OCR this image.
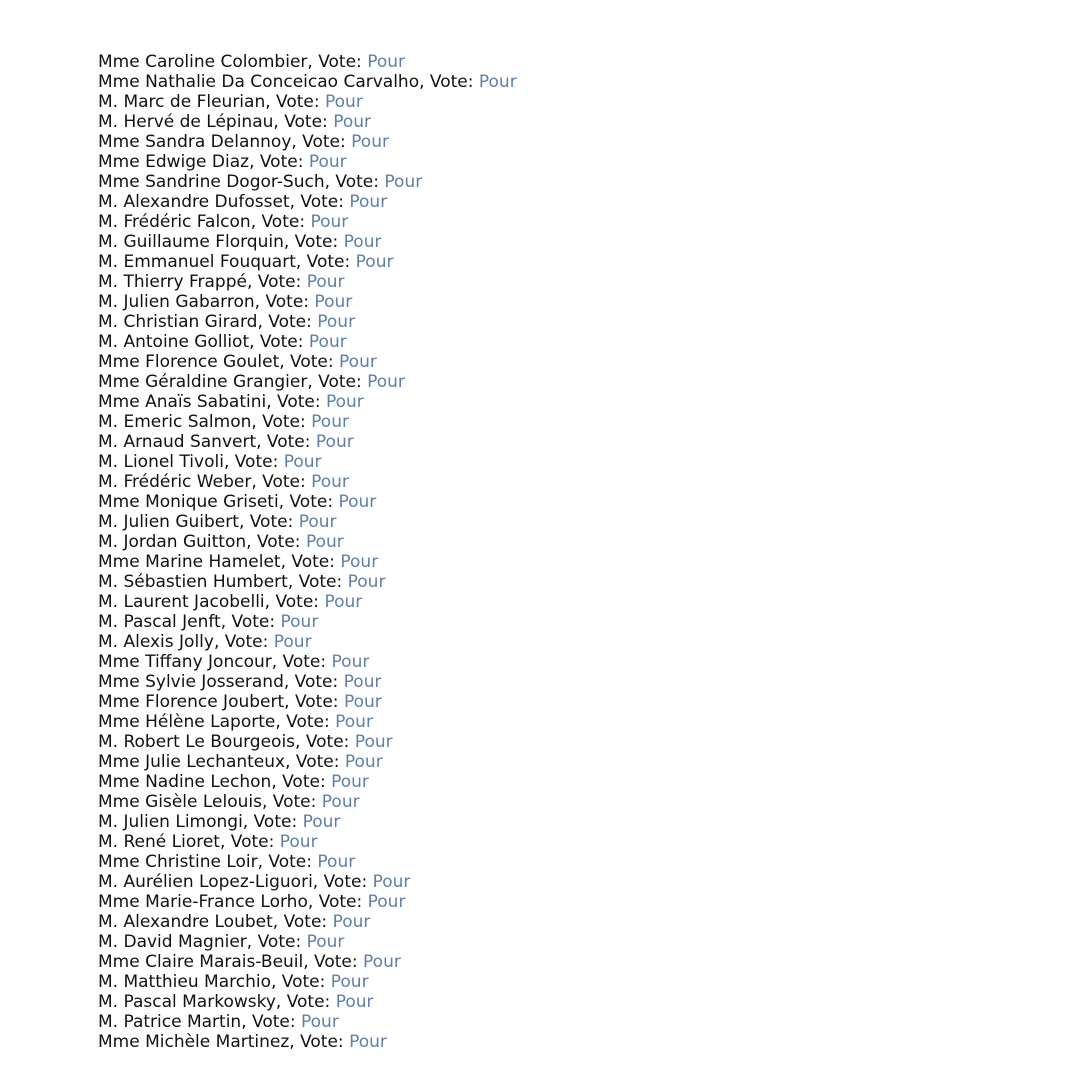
Mme Caroline Colombier, Vote: Pour
Mme Nathalie Da Conceicao Carvalho, Vote: Pour
M. Marc de Fleurian, Vote: Pour
M. Hervé de Lépinau, Vote: Pour
Mme Sandra Delannoy, Vote: Pour
Mme Edwige Diaz, Vote: Pour
Mme Sandrine Dogor-Such, Vote: Pour
M. Alexandre Dufosset, Vote: Pour
M. Frédéric Falcon, Vote: Pour
M. Guillaume Florquin, Vote: Pour
M. Emmanuel Fouquart, Vote: Pour
M. Thierry Frappé, Vote: Pour
M. Julien Gabarron, Vote: Pour
M. Christian Girard, Vote: Pour
M. Antoine Golliot, Vote: Pour
Mme Florence Goulet, Vote: Pour
Mme Géraldine Grangier, Vote: Pour
Mme Anaïs Sabatini, Vote: Pour
M. Emeric Salmon, Vote: Pour
M. Arnaud Sanvert, Vote: Pour
M. Lionel Tivoli, Vote: Pour
M. Frédéric Weber, Vote: Pour
Mme Monique Griseti, Vote: Pour
M. Julien Guibert, Vote: Pour
M. Jordan Guitton, Vote: Pour
Mme Marine Hamelet, Vote: Pour
M. Sébastien Humbert, Vote: Pour
M. Laurent Jacobelli, Vote: Pour
M. Pascal Jenft, Vote: Pour
M. Alexis Jolly, Vote: Pour
Mme Tiffany Joncour, Vote: Pour
Mme Sylvie Josserand, Vote: Pour
Mme Florence Joubert, Vote: Pour
Mme Hélène Laporte, Vote: Pour
M. Robert Le Bourgeois, Vote: Pour
Mme Julie Lechanteux, Vote: Pour
Mme Nadine Lechon, Vote: Pour
Mme Gisèle Lelouis, Vote: Pour
M. Julien Limongi, Vote: Pour
M. René Lioret, Vote: Pour
Mme Christine Loir, Vote: Pour
M. Aurélien Lopez-Liguori, Vote: Pour
Mme Marie-France Lorho, Vote: Pour
M. Alexandre Loubet, Vote: Pour
M. David Magnier, Vote: Pour
Mme Claire Marais-Beuil, Vote: Pour
M. Matthieu Marchio, Vote: Pour
M. Pascal Markowsky, Vote: Pour
M. Patrice Martin, Vote: Pour
Mme Michèle Martinez, Vote: Pour
